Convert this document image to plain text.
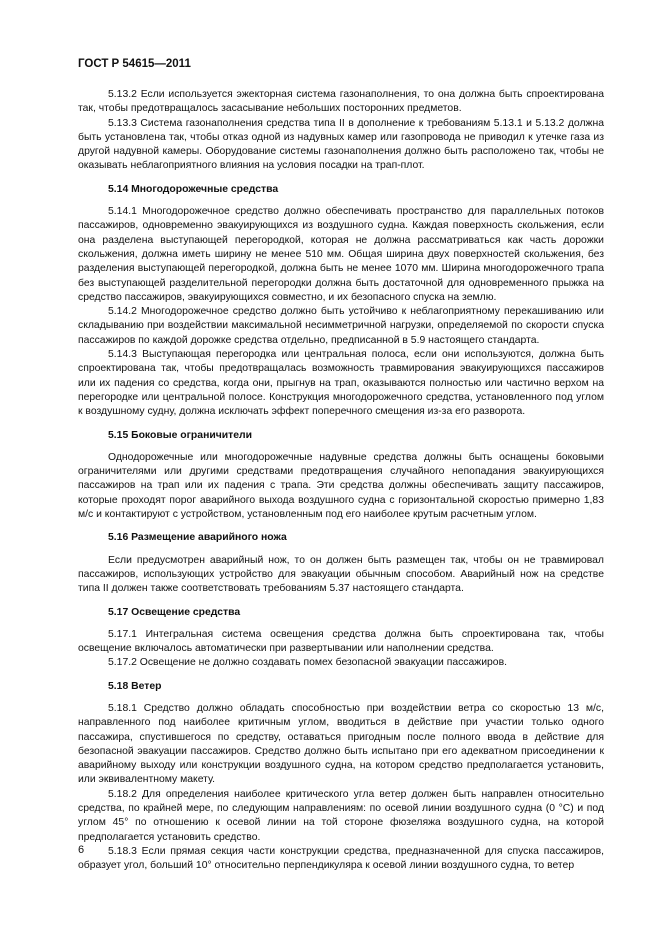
ГОСТ Р 54615—2011

5.13.2 Если используется эжекторная система газонаполнения, то она должна быть спроектирована так, чтобы предотвращалось засасывание небольших посторонних предметов.

5.13.3 Система газонаполнения средства типа II в дополнение к требованиям 5.13.1 и 5.13.2 должна быть установлена так, чтобы отказ одной из надувных камер или газопровода не приводил к утечке газа из другой надувной камеры. Оборудование системы газонаполнения должно быть расположено так, чтобы не оказывать неблагоприятного влияния на условия посадки на трап-плот.

5.14 Многодорожечные средства

5.14.1 Многодорожечное средство должно обеспечивать пространство для параллельных потоков пассажиров, одновременно эвакуирующихся из воздушного судна. Каждая поверхность скольжения, если она разделена выступающей перегородкой, которая не должна рассматриваться как часть дорожки скольжения, должна иметь ширину не менее 510 мм. Общая ширина двух поверхностей скольжения, без разделения выступающей перегородкой, должна быть не менее 1070 мм. Ширина многодорожечного трапа без выступающей разделительной перегородки должна быть достаточной для одновременного прыжка на средство пассажиров, эвакуирующихся совместно, и их безопасного спуска на землю.

5.14.2 Многодорожечное средство должно быть устойчиво к неблагоприятному перекашиванию или складыванию при воздействии максимальной несимметричной нагрузки, определяемой по скорости спуска пассажиров по каждой дорожке средства отдельно, предписанной в 5.9 настоящего стандарта.

5.14.3 Выступающая перегородка или центральная полоса, если они используются, должна быть спроектирована так, чтобы предотвращалась возможность травмирования эвакуирующихся пассажиров или их падения со средства, когда они, прыгнув на трап, оказываются полностью или частично верхом на перегородке или центральной полосе. Конструкция многодорожечного средства, установленного под углом к воздушному судну, должна исключать эффект поперечного смещения из-за его разворота.

5.15 Боковые ограничители

Однодорожечные или многодорожечные надувные средства должны быть оснащены боковыми ограничителями или другими средствами предотвращения случайного непопадания эвакуирующихся пассажиров на трап или их падения с трапа. Эти средства должны обеспечивать защиту пассажиров, которые проходят порог аварийного выхода воздушного судна с горизонтальной скоростью примерно 1,83 м/с и контактируют с устройством, установленным под его наиболее крутым расчетным углом.

5.16 Размещение аварийного ножа

Если предусмотрен аварийный нож, то он должен быть размещен так, чтобы он не травмировал пассажиров, использующих устройство для эвакуации обычным способом. Аварийный нож на средстве типа II должен также соответствовать требованиям 5.37 настоящего стандарта.

5.17 Освещение средства

5.17.1 Интегральная система освещения средства должна быть спроектирована так, чтобы освещение включалось автоматически при развертывании или наполнении средства.

5.17.2 Освещение не должно создавать помех безопасной эвакуации пассажиров.

5.18 Ветер

5.18.1 Средство должно обладать способностью при воздействии ветра со скоростью 13 м/с, направленного под наиболее критичным углом, вводиться в действие при участии только одного пассажира, спустившегося по средству, оставаться пригодным после полного ввода в действие для безопасной эвакуации пассажиров. Средство должно быть испытано при его адекватном присоединении к аварийному выходу или конструкции воздушного судна, на котором средство предполагается установить, или эквивалентному макету.

5.18.2 Для определения наиболее критического угла ветер должен быть направлен относительно средства, по крайней мере, по следующим направлениям: по осевой линии воздушного судна (0 °C) и под углом 45° по отношению к осевой линии на той стороне фюзеляжа воздушного судна, на которой предполагается установить средство.

5.18.3 Если прямая секция части конструкции средства, предназначенной для спуска пассажиров, образует угол, больший 10° относительно перпендикуляра к осевой линии воздушного судна, то ветер

6
